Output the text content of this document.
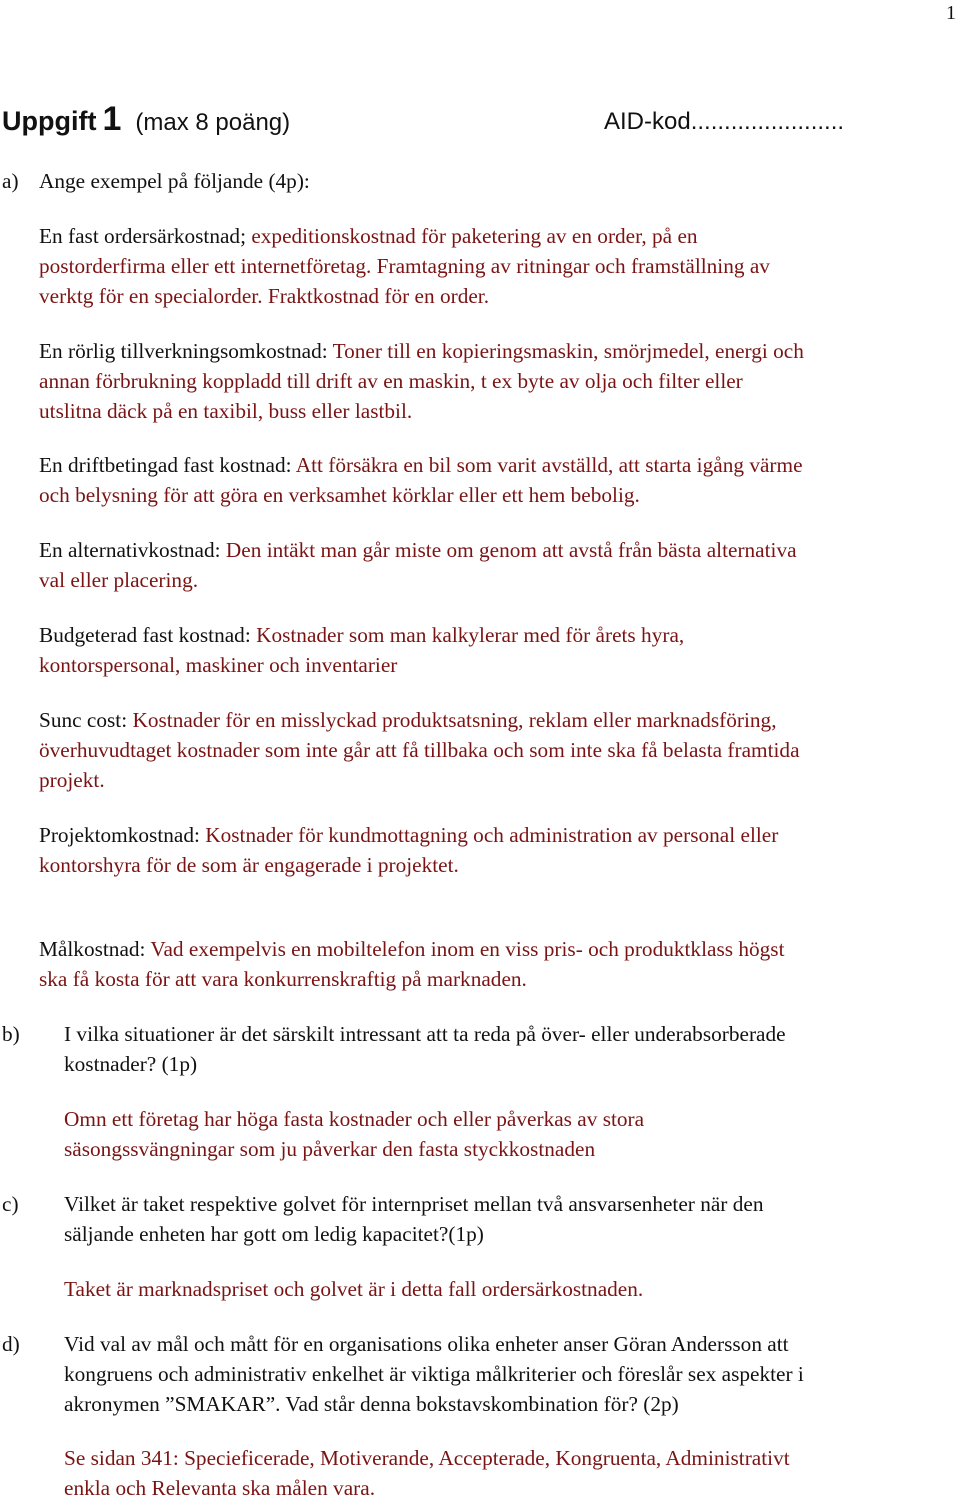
1
Uppgift 1 (max 8 poäng)	AID-kod.......................
a) Ange exempel på följande (4p):
En fast ordersärkostnad; expeditionskostnad för paketering av en order, på en
postorderfirma eller ett internetföretag. Framtagning av ritningar och framställning av
verktg för en specialorder. Fraktkostnad för en order.
En rörlig tillverkningsomkostnad: Toner till en kopieringsmaskin, smörjmedel, energi och
annan förbrukning koppladd till drift av en maskin, t ex byte av olja och filter eller
utslitna däck på en taxibil, buss eller lastbil.
En driftbetingad fast kostnad: Att försäkra en bil som varit avställd, att starta igång värme
och belysning för att göra en verksamhet körklar eller ett hem bebolig.
En alternativkostnad: Den intäkt man går miste om genom att avstå från bästa alternativa
val eller placering.
Budgeterad fast kostnad: Kostnader som man kalkylerar med för årets hyra,
kontorspersonal, maskiner och inventarier
Sunc cost: Kostnader för en misslyckad produktsatsning, reklam eller marknadsföring,
överhuvudtaget kostnader som inte går att få tillbaka och som inte ska få belasta framtida
projekt.
Projektomkostnad: Kostnader för kundmottagning och administration av personal eller
kontorshyra för de som är engagerade i projektet.
Målkostnad: Vad exempelvis en mobiltelefon inom en viss pris- och produktklass högst
ska få kosta för att vara konkurrenskraftig på marknaden.
b) I vilka situationer är det särskilt intressant att ta reda på över- eller underabsorberade
kostnader? (1p)
Omn ett företag har höga fasta kostnader och eller påverkas av stora
säsongssvängningar som ju påverkar den fasta styckkostnaden
c) Vilket är taket respektive golvet för internpriset mellan två ansvarsenheter när den
säljande enheten har gott om ledig kapacitet?(1p)
Taket är marknadspriset och golvet är i detta fall ordersärkostnaden.
d) Vid val av mål och mått för en organisations olika enheter anser Göran Andersson att
kongruens och administrativ enkelhet är viktiga målkriterier och föreslår sex aspekter i
akronymen ”SMAKAR”. Vad står denna bokstavskombination för? (2p)
Se sidan 341: Specieficerade, Motiverande, Accepterade, Kongruenta, Administrativt
enkla och Relevanta ska målen vara.
